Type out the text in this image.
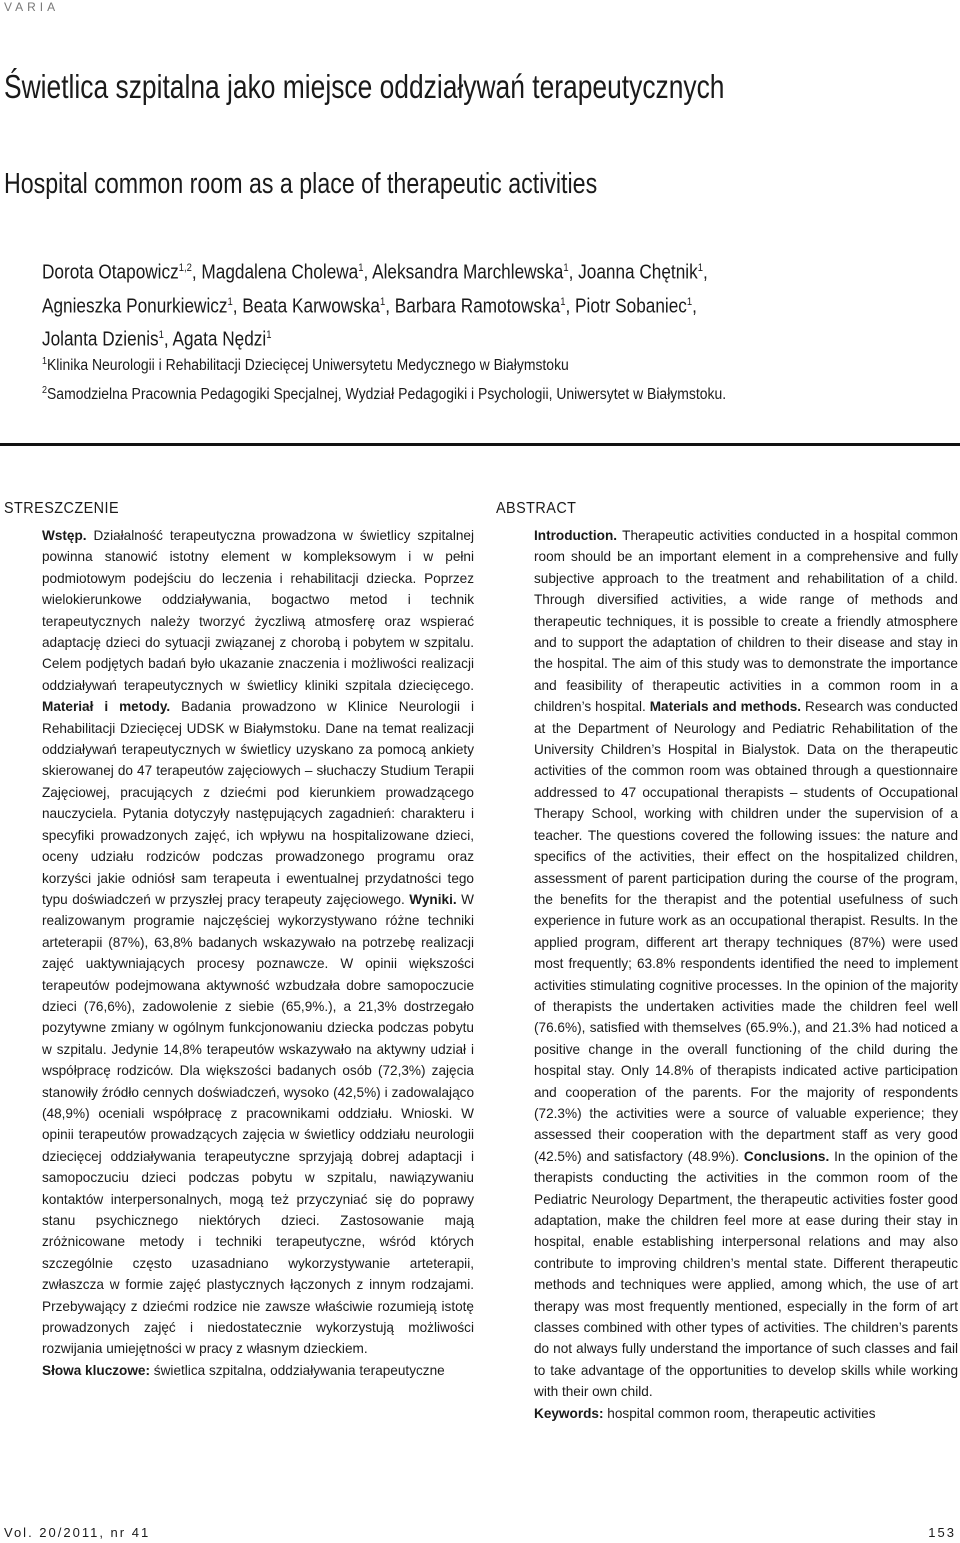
VARIA
Świetlica szpitalna jako miejsce oddziaływań terapeutycznych
Hospital common room as a place of therapeutic activities
Dorota Otapowicz$^{1,2}$, Magdalena Cholewa$^1$, Aleksandra Marchlewska$^1$, Joanna Chętnik$^1$,
Agnieszka Ponurkiewicz$^1$, Beata Karwowska$^1$, Barbara Ramotowska$^1$, Piotr Sobaniec$^1$,
Jolanta Dzienis$^1$, Agata Nędzi$^1$
$^1$Klinika Neurologii i Rehabilitacji Dziecięcej Uniwersytetu Medycznego w Białymstoku
$^2$Samodzielna Pracownia Pedagogiki Specjalnej, Wydział Pedagogiki i Psychologii, Uniwersytet w Białymstoku.
STRESZCZENIE	ABSTRACT

Wstęp. Działalność terapeutyczna prowadzona w świetlicy szpitalnej powinna stanowić istotny element w kompleksowym i w pełni podmiotowym podejściu do leczenia i rehabilitacji dziecka. Poprzez wielokierunkowe oddziaływania, bogactwo metod i technik terapeutycznych należy tworzyć życzliwą atmosferę oraz wspierać adaptację dzieci do sytuacji związanej z chorobą i pobytem w szpitalu. Celem podjętych badań było ukazanie znaczenia i możliwości realizacji oddziaływań terapeutycznych w świetlicy kliniki szpitala dziecięcego. Materiał i metody. Badania prowadzono w Klinice Neurologii i Rehabilitacji Dziecięcej UDSK w Białymstoku. Dane na temat realizacji oddziaływań terapeutycznych w świetlicy uzyskano za pomocą ankiety skierowanej do 47 terapeutów zajęciowych – słuchaczy Studium Terapii Zajęciowej, pracujących z dziećmi pod kierunkiem prowadzącego nauczyciela. Pytania dotyczyły następujących zagadnień: charakteru i specyfiki prowadzonych zajęć, ich wpływu na hospitalizowane dzieci, oceny udziału rodziców podczas prowadzonego programu oraz korzyści jakie odniósł sam terapeuta i ewentualnej przydatności tego typu doświadczeń w przyszłej pracy terapeuty zajęciowego. Wyniki. W realizowanym programie najczęściej wykorzystywano różne techniki arteterapii (87%), 63,8% badanych wskazywało na potrzebę realizacji zajęć uaktywniających procesy poznawcze. W opinii większości terapeutów podejmowana aktywność wzbudzała dobre samopoczucie dzieci (76,6%), zadowolenie z siebie (65,9%.), a 21,3% dostrzegało pozytywne zmiany w ogólnym funkcjonowaniu dziecka podczas pobytu w szpitalu. Jedynie 14,8% terapeutów wskazywało na aktywny udział i współpracę rodziców. Dla większości badanych osób (72,3%) zajęcia stanowiły źródło cennych doświadczeń, wysoko (42,5%) i zadowalająco (48,9%) oceniali współpracę z pracownikami oddziału. Wnioski. W opinii terapeutów prowadzących zajęcia w świetlicy oddziału neurologii dziecięcej oddziaływania terapeutyczne sprzyjają dobrej adaptacji i samopoczuciu dzieci podczas pobytu w szpitalu, nawiązywaniu kontaktów interpersonalnych, mogą też przyczyniać się do poprawy stanu psychicznego niektórych dzieci. Zastosowanie mają zróżnicowane metody i techniki terapeutyczne, wśród których szczególnie często uzasadniano wykorzystywanie arteterapii, zwłaszcza w formie zajęć plastycznych łączonych z innym rodzajami. Przebywający z dziećmi rodzice nie zawsze właściwie rozumieją istotę prowadzonych zajęć i niedostatecznie wykorzystują możliwości rozwijania umiejętności w pracy z własnym dzieckiem.

Słowa kluczowe: świetlica szpitalna, oddziaływania terapeutyczne

Introduction. Therapeutic activities conducted in a hospital common room should be an important element in a comprehensive and fully subjective approach to the treatment and rehabilitation of a child. Through diversified activities, a wide range of methods and therapeutic techniques, it is possible to create a friendly atmosphere and to support the adaptation of children to their disease and stay in the hospital. The aim of this study was to demonstrate the importance and feasibility of therapeutic activities in a common room in a children’s hospital. Materials and methods. Research was conducted at the Department of Neurology and Pediatric Rehabilitation of the University Children’s Hospital in Bialystok. Data on the therapeutic activities of the common room was obtained through a questionnaire addressed to 47 occupational therapists – students of Occupational Therapy School, working with children under the supervision of a teacher. The questions covered the following issues: the nature and specifics of the activities, their effect on the hospitalized children, assessment of parent participation during the course of the program, the benefits for the therapist and the potential usefulness of such experience in future work as an occupational therapist. Results. In the applied program, different art therapy techniques (87%) were used most frequently; 63.8% respondents identified the need to implement activities stimulating cognitive processes. In the opinion of the majority of therapists the undertaken activities made the children feel well (76.6%), satisfied with themselves (65.9%.), and 21.3% had noticed a positive change in the overall functioning of the child during the hospital stay. Only 14.8% of therapists indicated active participation and cooperation of the parents. For the majority of respondents (72.3%) the activities were a source of valuable experience; they assessed their cooperation with the department staff as very good (42.5%) and satisfactory (48.9%). Conclusions. In the opinion of the therapists conducting the activities in the common room of the Pediatric Neurology Department, the therapeutic activities foster good adaptation, make the children feel more at ease during their stay in hospital, enable establishing interpersonal relations and may also contribute to improving children’s mental state. Different therapeutic methods and techniques were applied, among which, the use of art therapy was most frequently mentioned, especially in the form of art classes combined with other types of activities. The children’s parents do not always fully understand the importance of such classes and fail to take advantage of the opportunities to develop skills while working with their own child.

Keywords: hospital common room, therapeutic activities

Vol. 20/2011, nr 41	153
